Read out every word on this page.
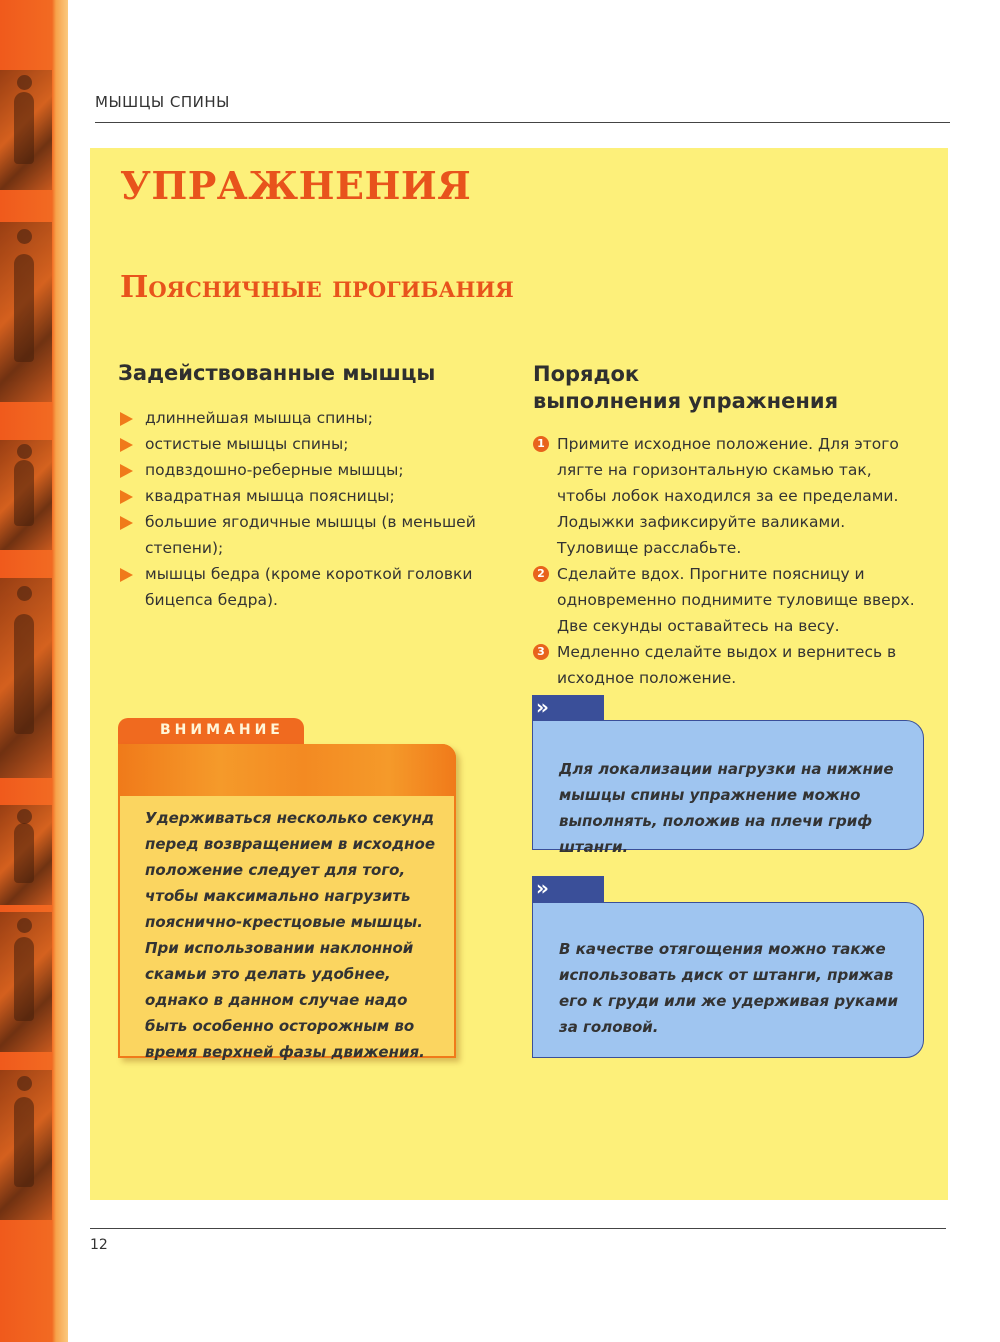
МЫШЦЫ СПИНЫ
УПРАЖНЕНИЯ
Поясничные прогибания
Задействованные мышцы
длиннейшая мышца спины;
остистые мышцы спины;
подвздошно-реберные мышцы;
квадратная мышца поясницы;
большие ягодичные мышцы (в меньшей степени);
мышцы бедра (кроме короткой головки бицепса бедра).
Порядок
выполнения упражнения
1 Примите исходное положение. Для этого лягте на горизонтальную скамью так, чтобы лобок находился за ее пределами. Лодыжки зафиксируйте валиками. Туловище расслабьте.
2 Сделайте вдох. Прогните поясницу и одновременно поднимите туловище вверх. Две секунды оставайтесь на весу.
3 Медленно сделайте выдох и вернитесь в исходное положение.
ВНИМАНИЕ
Удерживаться несколько секунд перед возвращением в исходное положение следует для того, чтобы максимально нагрузить пояснично-крестцовые мышцы. При использовании наклонной скамьи это делать удобнее, однако в данном случае надо быть особенно осторожным во время верхней фазы движения.
»
Для локализации нагрузки на нижние мышцы спины упражнение можно выполнять, положив на плечи гриф штанги.
»
В качестве отягощения можно также использовать диск от штанги, прижав его к груди или же удерживая руками за головой.
12
